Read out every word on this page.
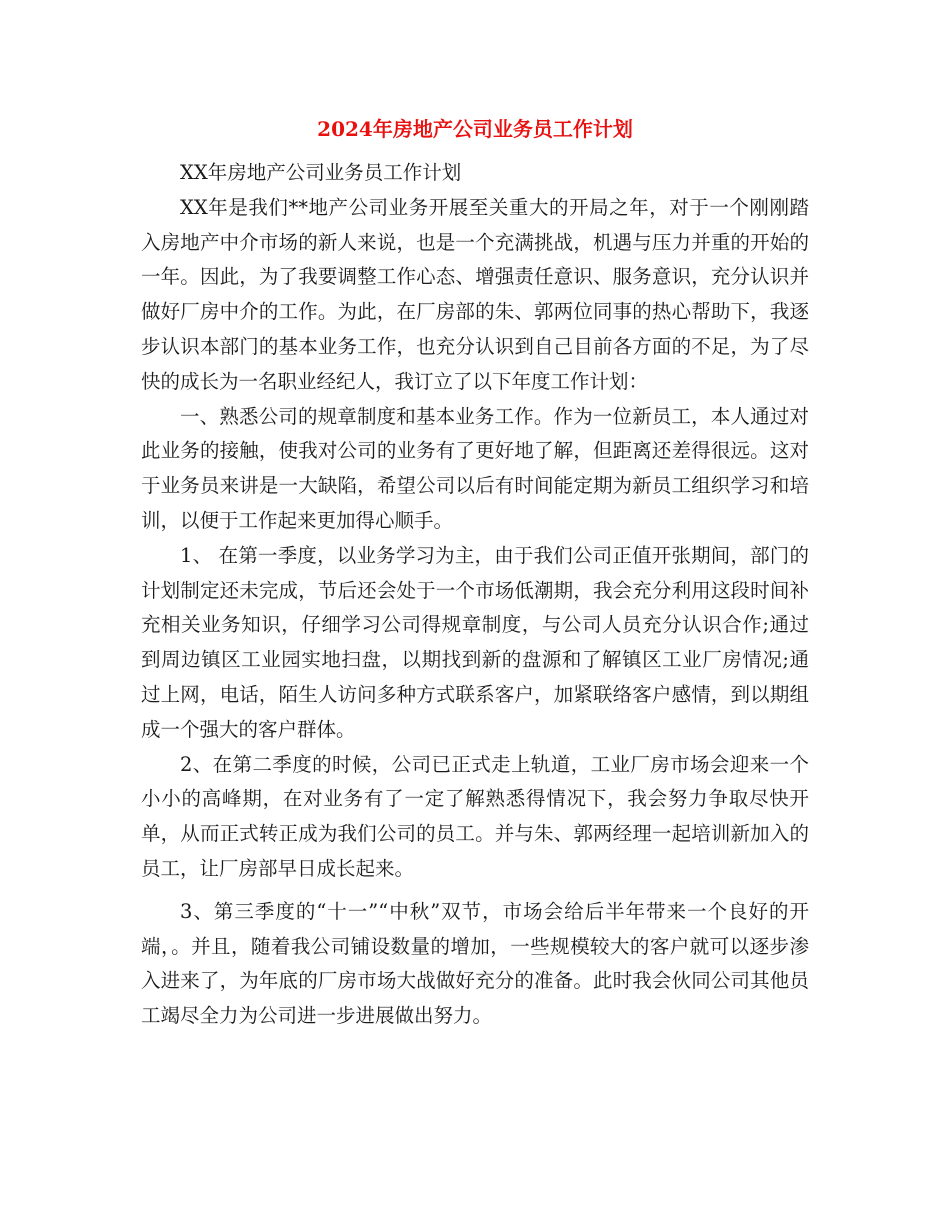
2024年房地产公司业务员工作计划

XX年房地产公司业务员工作计划

XX年是我们**地产公司业务开展至关重大的开局之年，对于一个刚刚踏入房地产中介市场的新人来说，也是一个充满挑战，机遇与压力并重的开始的一年。因此，为了我要调整工作心态、增强责任意识、服务意识，充分认识并做好厂房中介的工作。为此，在厂房部的朱、郭两位同事的热心帮助下，我逐步认识本部门的基本业务工作，也充分认识到自己目前各方面的不足，为了尽快的成长为一名职业经纪人，我订立了以下年度工作计划：

一、熟悉公司的规章制度和基本业务工作。作为一位新员工，本人通过对此业务的接触，使我对公司的业务有了更好地了解，但距离还差得很远。这对于业务员来讲是一大缺陷，希望公司以后有时间能定期为新员工组织学习和培训，以便于工作起来更加得心顺手。

1、 在第一季度，以业务学习为主，由于我们公司正值开张期间，部门的计划制定还未完成，节后还会处于一个市场低潮期，我会充分利用这段时间补充相关业务知识，仔细学习公司得规章制度，与公司人员充分认识合作;通过到周边镇区工业园实地扫盘，以期找到新的盘源和了解镇区工业厂房情况;通过上网，电话，陌生人访问多种方式联系客户，加紧联络客户感情，到以期组成一个强大的客户群体。

2、在第二季度的时候，公司已正式走上轨道，工业厂房市场会迎来一个小小的高峰期，在对业务有了一定了解熟悉得情况下，我会努力争取尽快开单，从而正式转正成为我们公司的员工。并与朱、郭两经理一起培训新加入的员工，让厂房部早日成长起来。

3、第三季度的“十一”“中秋”双节，市场会给后半年带来一个良好的开端，。并且，随着我公司铺设数量的增加，一些规模较大的客户就可以逐步渗入进来了，为年底的厂房市场大战做好充分的准备。此时我会伙同公司其他员工竭尽全力为公司进一步进展做出努力。
